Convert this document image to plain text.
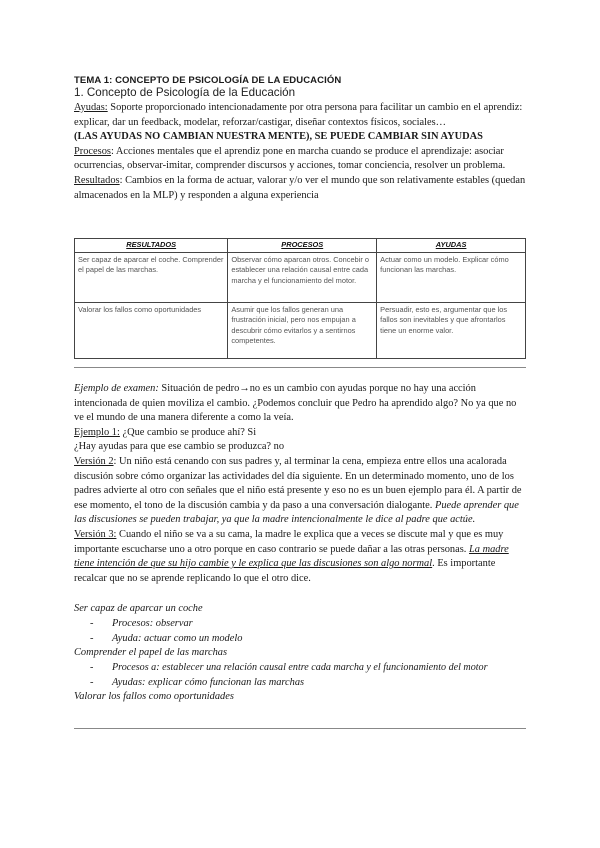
TEMA 1: CONCEPTO DE PSICOLOGÍA DE LA EDUCACIÓN
1. Concepto de Psicología de la Educación
Ayudas: Soporte proporcionado intencionadamente por otra persona para facilitar un cambio en el aprendiz: explicar, dar un feedback, modelar, reforzar/castigar, diseñar contextos físicos, sociales…
(LAS AYUDAS NO CAMBIAN NUESTRA MENTE), SE PUEDE CAMBIAR SIN AYUDAS
Procesos: Acciones mentales que el aprendiz pone en marcha cuando se produce el aprendizaje: asociar ocurrencias, observar-imitar, comprender discursos y acciones, tomar conciencia, resolver un problema.
Resultados: Cambios en la forma de actuar, valorar y/o ver el mundo que son relativamente estables (quedan almacenados en la MLP) y responden a alguna experiencia
RESULTADOS	PROCESOS	AYUDAS
Ser capaz de aparcar el coche. Comprender el papel de las marchas.	Observar cómo aparcan otros. Concebir o establecer una relación causal entre cada marcha y el funcionamiento del motor.	Actuar como un modelo. Explicar cómo funcionan las marchas.
Valorar los fallos como oportunidades	Asumir que los fallos generan una frustración inicial, pero nos empujan a descubrir cómo evitarlos y a sentirnos competentes.	Persuadir, esto es, argumentar que los fallos son inevitables y que afrontarlos tiene un enorme valor.
Ejemplo de examen: Situación de pedro→no es un cambio con ayudas porque no hay una acción intencionada de quien moviliza el cambio. ¿Podemos concluir que Pedro ha aprendido algo? No ya que no ve el mundo de una manera diferente a como la veía.
Ejemplo 1: ¿Que cambio se produce ahí? Si
¿Hay ayudas para que ese cambio se produzca? no
Versión 2: Un niño está cenando con sus padres y, al terminar la cena, empieza entre ellos una acalorada discusión sobre cómo organizar las actividades del día siguiente. En un determinado momento, uno de los padres advierte al otro con señales que el niño está presente y eso no es un buen ejemplo para él. A partir de ese momento, el tono de la discusión cambia y da paso a una conversación dialogante. Puede aprender que las discusiones se pueden trabajar, ya que la madre intencionalmente le dice al padre que actúe.
Versión 3: Cuando el niño se va a su cama, la madre le explica que a veces se discute mal y que es muy importante escucharse uno a otro porque en caso contrario se puede dañar a las otras personas. La madre tiene intención de que su hijo cambie y le explica que las discusiones son algo normal. Es importante recalcar que no se aprende replicando lo que el otro dice.
Ser capaz de aparcar un coche
- Procesos: observar
- Ayuda: actuar como un modelo
Comprender el papel de las marchas
- Procesos a: establecer una relación causal entre cada marcha y el funcionamiento del motor
- Ayudas: explicar cómo funcionan las marchas
Valorar los fallos como oportunidades
